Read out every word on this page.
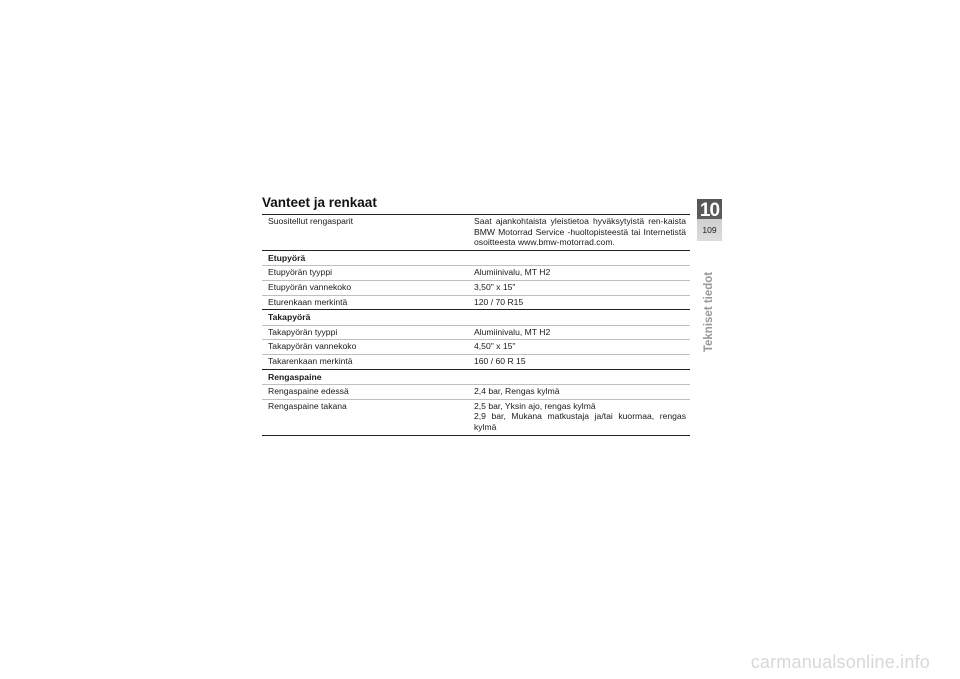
Vanteet ja renkaat
Suositellut rengasparit	Saat ajankohtaista yleistietoa hyväksytyistä ren-kaista BMW Motorrad Service -huoltopisteestä tai Internetistä osoitteesta www.bmw-motorrad.com.
Etupyörä
Etupyörän tyyppi	Alumiinivalu, MT H2
Etupyörän vannekoko	3,50" x 15"
Eturenkaan merkintä	120 / 70 R15
Takapyörä
Takapyörän tyyppi	Alumiinivalu, MT H2
Takapyörän vannekoko	4,50" x 15"
Takarenkaan merkintä	160 / 60 R 15
Rengaspaine
Rengaspaine edessä	2,4 bar, Rengas kylmä
Rengaspaine takana	2,5 bar, Yksin ajo, rengas kylmä
2,9 bar, Mukana matkustaja ja/tai kuormaa, rengas kylmä
10
109
Tekniset tiedot
carmanualsonline.info
